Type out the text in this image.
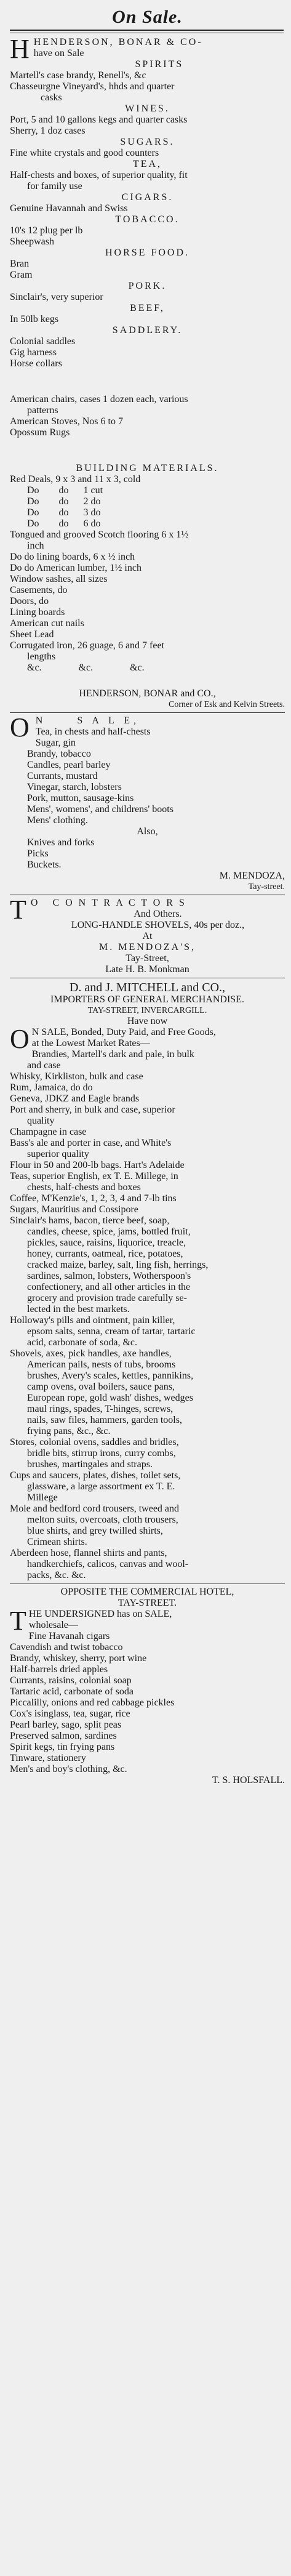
On Sale.

HHENDERSON, BONAR & CO-

have on Sale

SPIRITS

Martell's case brandy, Renell's, &c

Chasseurgne Vineyard's, hhds and quarter

casks

WINES.

Port, 5 and 10 gallons kegs and quarter casks

Sherry, 1 doz cases

SUGARS.

Fine white crystals and good counters

TEA,

Half-chests and boxes, of superior quality, fit

for family use

CIGARS.

Genuine Havannah and Swiss

TOBACCO.

10's 12 plug per lb

Sheepwash

HORSE FOOD.

Bran

Gram

PORK.

Sinclair's, very superior

BEEF,

In 50lb kegs

SADDLERY.

Colonial saddles

Gig harness

Horse collars

American chairs, cases 1 dozen each, various

patterns

American Stoves, Nos 6 to 7

Opossum Rugs

BUILDING MATERIALS.

Red Deals, 9 x 3 and 11 x 3, cold

Do        do      1 cut

Do        do      2 do

Do        do      3 do

Do        do      6 do

Tongued and grooved Scotch flooring 6 x 1½

inch

Do do lining boards, 6 x ½ inch

Do do American lumber, 1½ inch

Window sashes, all sizes

Casements, do

Doors, do

Lining boards

American cut nails

Sheet Lead

Corrugated iron, 26 guage, 6 and 7 feet

lengths

&c.               &c.               &c.

HENDERSON, BONAR and CO.,

Corner of Esk and Kelvin Streets.

O N     S A L E,

Tea, in chests and half-chests

Sugar, gin

Brandy, tobacco

Candles, pearl barley

Currants, mustard

Vinegar, starch, lobsters

Pork, mutton, sausage-kins

Mens', womens', and childrens' boots

Mens' clothing.

Also,

Knives and forks

Picks

Buckets.

M. MENDOZA,

Tay-street.

T O   C O N T R A C T O R S

And Others.

LONG-HANDLE SHOVELS, 40s per doz.,

At

M. MENDOZA'S,

Tay-Street,

Late H. B. Monkman

D. and J. MITCHELL and CO.,

IMPORTERS OF GENERAL MERCHANDISE.

TAY-STREET, INVERCARGILL.

Have now

O N SALE, Bonded, Duty Paid, and Free Goods,

at the Lowest Market Rates—

Brandies, Martell's dark and pale, in bulk

and case

Whisky, Kirkliston, bulk and case

Rum, Jamaica, do do

Geneva, JDKZ and Eagle brands

Port and sherry, in bulk and case, superior

quality

Champagne in case

Bass's ale and porter in case, and White's

superior quality

Flour in 50 and 200-lb bags. Hart's Adelaide

Teas, superior English, ex T. E. Millege, in

chests, half-chests and boxes

Coffee, M'Kenzie's, 1, 2, 3, 4 and 7-lb tins

Sugars, Mauritius and Cossipore

Sinclair's hams, bacon, tierce beef, soap,

candles, cheese, spice, jams, bottled fruit,

pickles, sauce, raisins, liquorice, treacle,

honey, currants, oatmeal, rice, potatoes,

cracked maize, barley, salt, ling fish, herrings,

sardines, salmon, lobsters, Wotherspoon's

confectionery, and all other articles in the

grocery and provision trade carefully se-

lected in the best markets.

Holloway's pills and ointment, pain killer,

epsom salts, senna, cream of tartar, tartaric

acid, carbonate of soda, &c.

Shovels, axes, pick handles, axe handles,

American pails, nests of tubs, brooms

brushes, Avery's scales, kettles, pannikins,

camp ovens, oval boilers, sauce pans,

European rope, gold wash' dishes, wedges

maul rings, spades, T-hinges, screws,

nails, saw files, hammers, garden tools,

frying pans, &c., &c.

Stores, colonial ovens, saddles and bridles,

bridle bits, stirrup irons, curry combs,

brushes, martingales and straps.

Cups and saucers, plates, dishes, toilet sets,

glassware, a large assortment ex T. E.

Millege

Mole and bedford cord trousers, tweed and

melton suits, overcoats, cloth trousers,

blue shirts, and grey twilled shirts,

Crimean shirts.

Aberdeen hose, flannel shirts and pants,

handkerchiefs, calicos, canvas and wool-

packs, &c. &c.

OPPOSITE THE COMMERCIAL HOTEL,

TAY-STREET.

THE UNDERSIGNED has on SALE,

wholesale—

Fine Havanah cigars

Cavendish and twist tobacco

Brandy, whiskey, sherry, port wine

Half-barrels dried apples

Currants, raisins, colonial soap

Tartaric acid, carbonate of soda

Piccalilly, onions and red cabbage pickles

Cox's isinglass, tea, sugar, rice

Pearl barley, sago, split peas

Preserved salmon, sardines

Spirit kegs, tin frying pans

Tinware, stationery

Men's and boy's clothing, &c.

T. S. HOLSFALL.
